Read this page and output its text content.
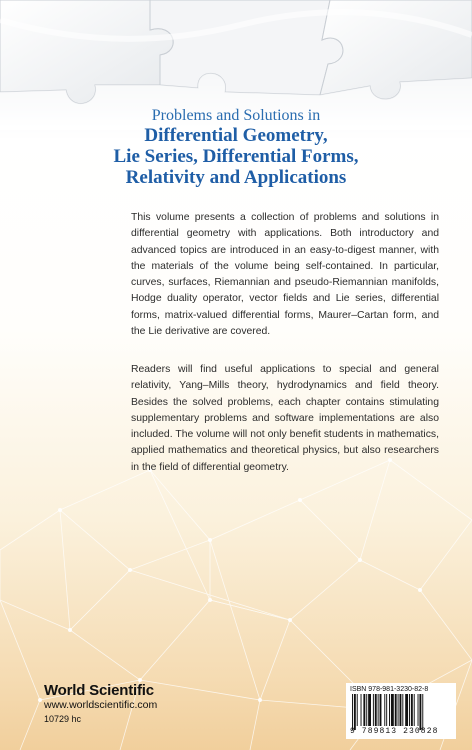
Problems and Solutions in
Differential Geometry,
Lie Series, Differential Forms,
Relativity and Applications

This volume presents a collection of problems and solutions in differential geometry with applications. Both introductory and advanced topics are introduced in an easy-to-digest manner, with the materials of the volume being self-contained. In particular, curves, surfaces, Riemannian and pseudo-Riemannian manifolds, Hodge duality operator, vector fields and Lie series, differential forms, matrix-valued differential forms, Maurer–Cartan form, and the Lie derivative are covered.

Readers will find useful applications to special and general relativity, Yang–Mills theory, hydrodynamics and field theory. Besides the solved problems, each chapter contains stimulating supplementary problems and software implementations are also included. The volume will not only benefit students in mathematics, applied mathematics and theoretical physics, but also researchers in the field of differential geometry.

World Scientific
www.worldscientific.com
10729 hc
ISBN 978-981-3230-82-8
9 789813 230828
